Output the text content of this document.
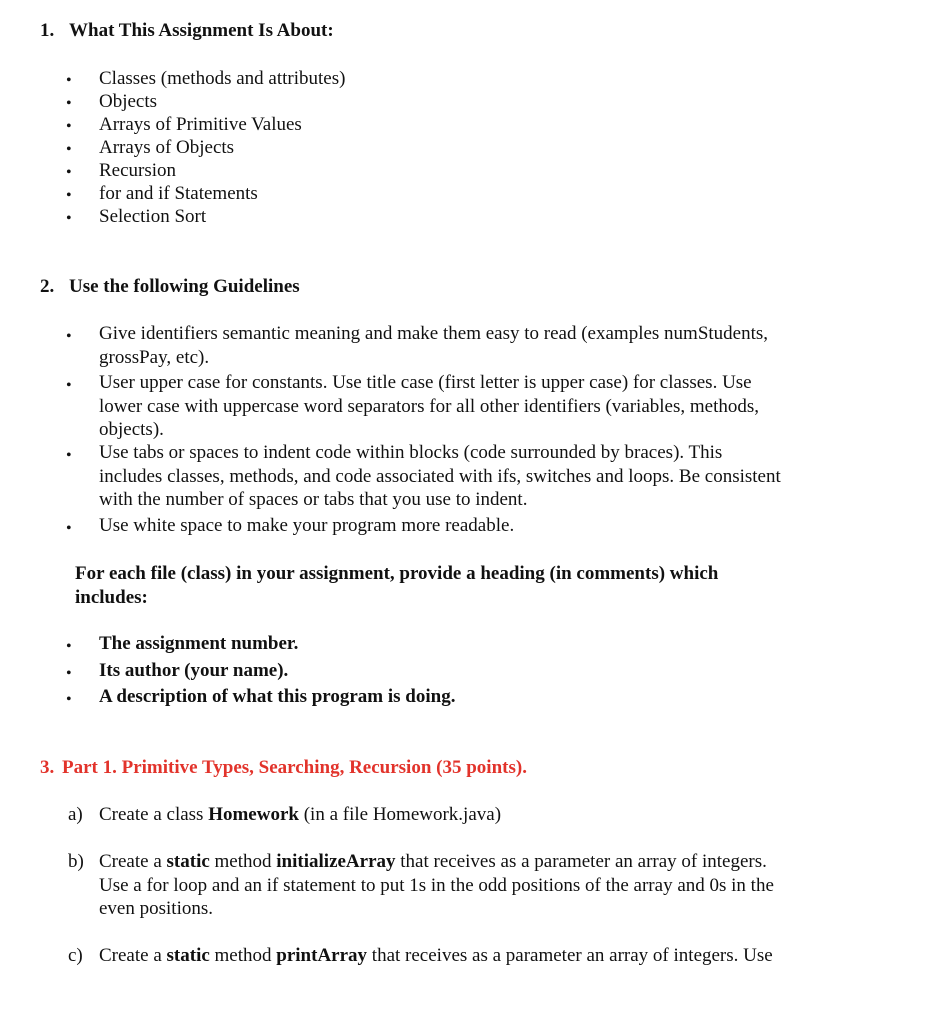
1. What This Assignment Is About:
• Classes (methods and attributes)
• Objects
• Arrays of Primitive Values
• Arrays of Objects
• Recursion
• for and if Statements
• Selection Sort
2. Use the following Guidelines
• Give identifiers semantic meaning and make them easy to read (examples numStudents,
grossPay, etc).
• User upper case for constants. Use title case (first letter is upper case) for classes. Use
lower case with uppercase word separators for all other identifiers (variables, methods,
objects).
• Use tabs or spaces to indent code within blocks (code surrounded by braces). This
includes classes, methods, and code associated with ifs, switches and loops. Be consistent
with the number of spaces or tabs that you use to indent.
• Use white space to make your program more readable.
For each file (class) in your assignment, provide a heading (in comments) which
includes:
• The assignment number.
• Its author (your name).
• A description of what this program is doing.
3. Part 1. Primitive Types, Searching, Recursion (35 points).
a) Create a class Homework (in a file Homework.java)
b) Create a static method initializeArray that receives as a parameter an array of integers.
Use a for loop and an if statement to put 1s in the odd positions of the array and 0s in the
even positions.
c) Create a static method printArray that receives as a parameter an array of integers. Use
